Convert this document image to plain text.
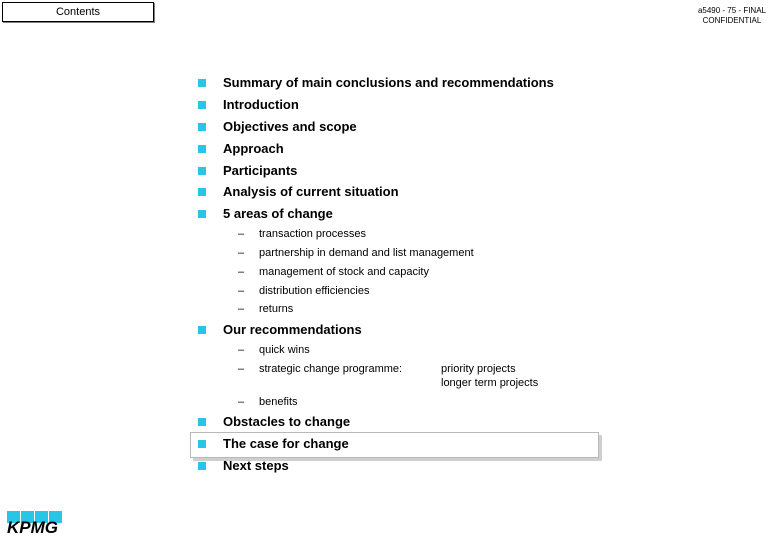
Contents	a5490 - 75 - FINAL
CONFIDENTIAL
Summary of main conclusions and recommendations
Introduction
Objectives and scope
Approach
Participants
Analysis of current situation
5 areas of change
– transaction processes
– partnership in demand and list management
– management of stock and capacity
– distribution efficiencies
– returns
Our recommendations
– quick wins
– strategic change programme:	priority projects
longer term projects
– benefits
Obstacles to change
The case for change
Next steps
KPMG
